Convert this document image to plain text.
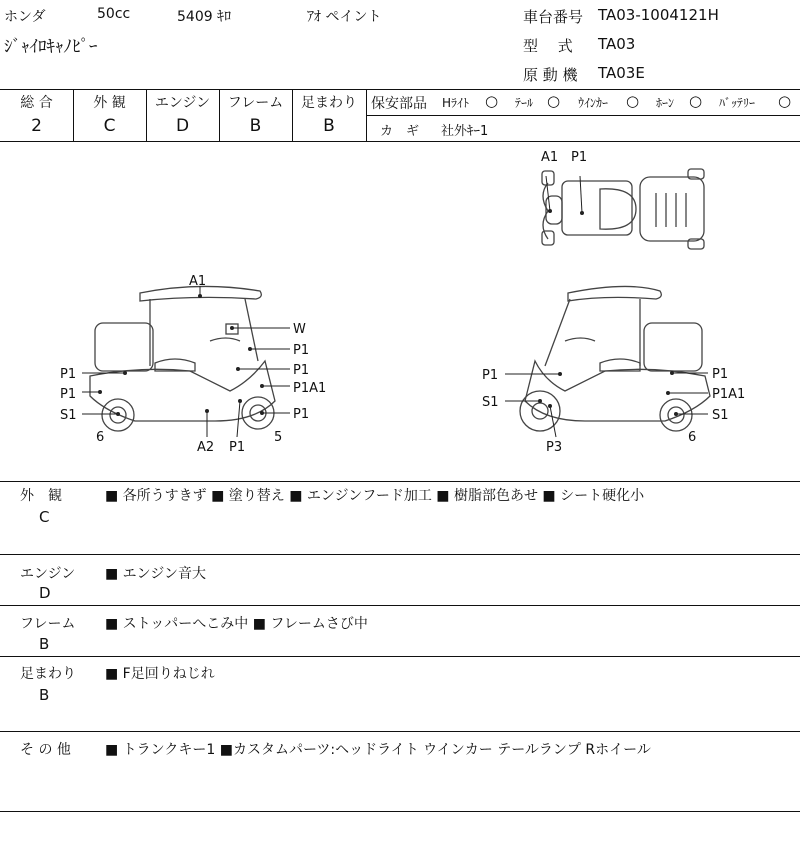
ホンダ	50cc	5409 ｷﾛ	ｱｵ ペイント
ｼﾞｬｲﾛｷｬﾉﾋﾟｰ
車台番号 TA03-1004121H
型　 式 TA03
原 動 機 TA03E
総 合
2
外 観
C
エンジン
D
フレーム
B
足まわり
B
保安部品 Hﾗｲﾄ ○ ﾃｰﾙ ○ ｳｲﾝｶｰ ○ ﾎｰﾝ ○ ﾊﾞｯﾃﾘｰ ○
カ　ギ 社外ｷｰ1
A1 P1
A1
W
P1
P1
P1A1
P1
P1
P1
S1
6
A2 P1
5
P1
S1
P1
P1A1
S1
6
P3
外　観
C
■ 各所うすきず ■ 塗り替え ■ エンジンフード加工 ■ 樹脂部色あせ ■ シート硬化小
エンジン
D
■ エンジン音大
フレーム
B
■ ストッパーへこみ中 ■ フレームさび中
足まわり
B
■ F足回りねじれ
そ の 他 ■ トランクキー1 ■カスタムパーツ:ヘッドライト ウインカー テールランプ Rホイール
